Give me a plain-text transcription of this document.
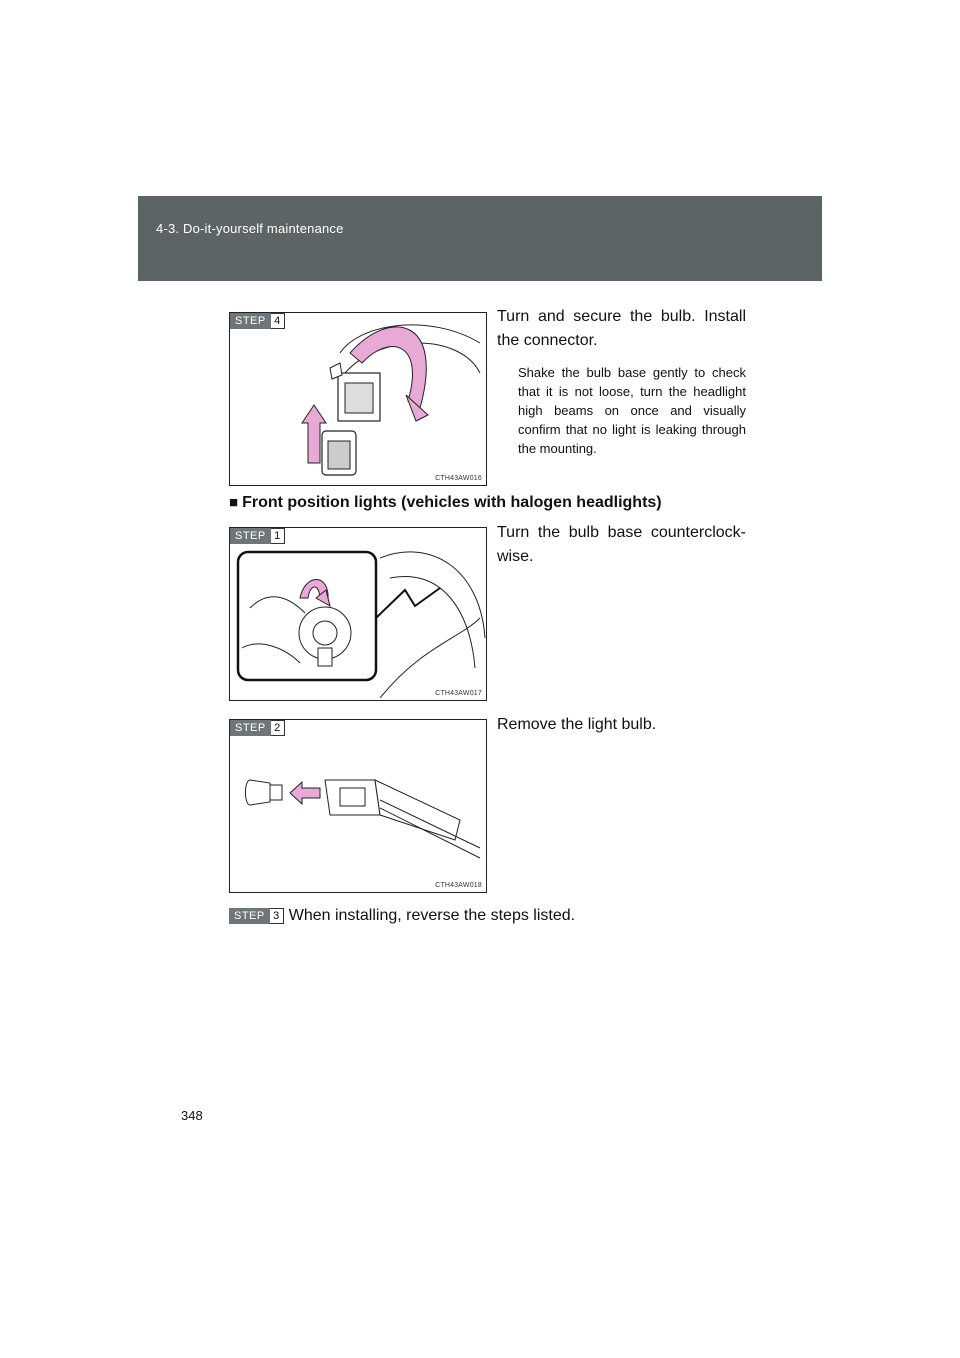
4-3. Do-it-yourself maintenance
STEP 4
CTH43AW016
Turn and secure the bulb. Install the connector.
Shake the bulb base gently to check that it is not loose, turn the headlight high beams on once and visually confirm that no light is leaking through the mounting.
■ Front position lights (vehicles with halogen headlights)
STEP 1
CTH43AW017
Turn the bulb base counterclock-wise.
STEP 2
CTH43AW018
Remove the light bulb.
STEP 3 When installing, reverse the steps listed.
348
